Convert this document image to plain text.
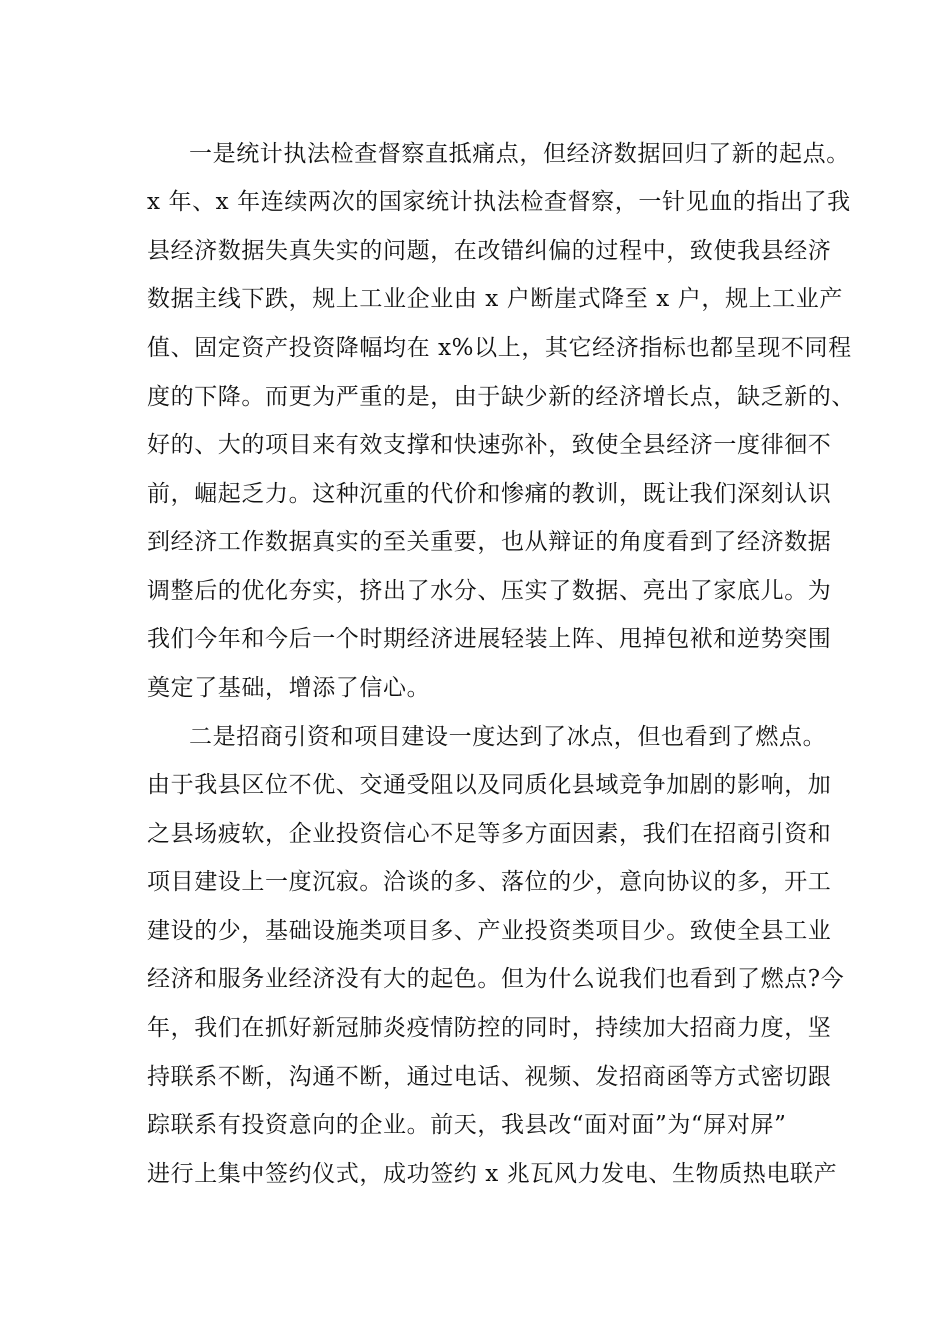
一是统计执法检查督察直抵痛点，但经济数据回归了新的起点。
x 年、x 年连续两次的国家统计执法检查督察，一针见血的指出了我
县经济数据失真失实的问题，在改错纠偏的过程中，致使我县经济
数据主线下跌，规上工业企业由 x 户断崖式降至 x 户，规上工业产
值、固定资产投资降幅均在 x%以上，其它经济指标也都呈现不同程
度的下降。而更为严重的是，由于缺少新的经济增长点，缺乏新的、
好的、大的项目来有效支撑和快速弥补，致使全县经济一度徘徊不
前，崛起乏力。这种沉重的代价和惨痛的教训，既让我们深刻认识
到经济工作数据真实的至关重要，也从辩证的角度看到了经济数据
调整后的优化夯实，挤出了水分、压实了数据、亮出了家底儿。为
我们今年和今后一个时期经济进展轻装上阵、甩掉包袱和逆势突围
奠定了基础，增添了信心。
二是招商引资和项目建设一度达到了冰点，但也看到了燃点。
由于我县区位不优、交通受阻以及同质化县域竞争加剧的影响，加
之县场疲软，企业投资信心不足等多方面因素，我们在招商引资和
项目建设上一度沉寂。洽谈的多、落位的少，意向协议的多，开工
建设的少，基础设施类项目多、产业投资类项目少。致使全县工业
经济和服务业经济没有大的起色。但为什么说我们也看到了燃点?今
年，我们在抓好新冠肺炎疫情防控的同时，持续加大招商力度，坚
持联系不断，沟通不断，通过电话、视频、发招商函等方式密切跟
踪联系有投资意向的企业。前天，我县改“面对面”为“屏对屏”
进行上集中签约仪式，成功签约 x 兆瓦风力发电、生物质热电联产
